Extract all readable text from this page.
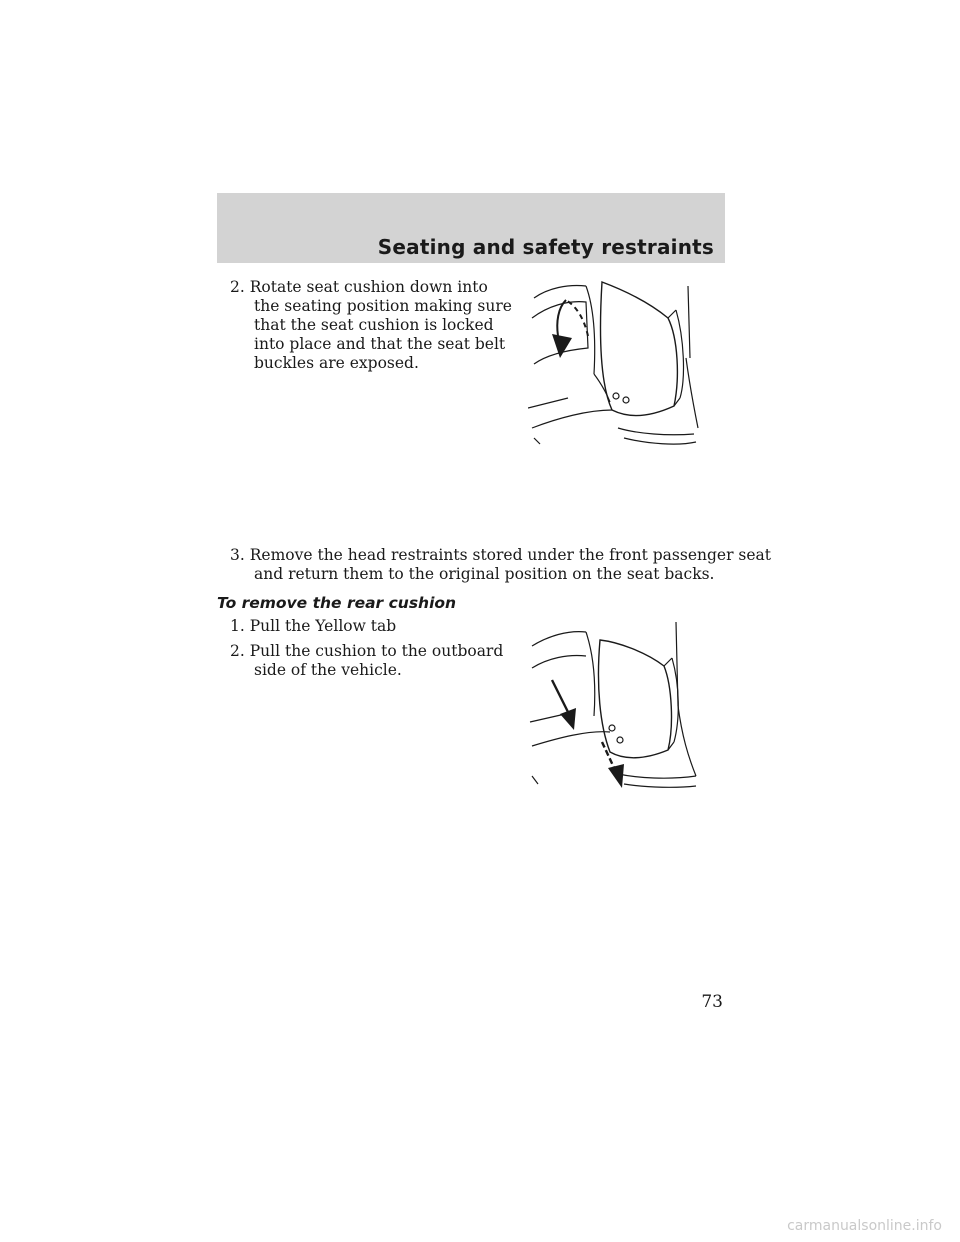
Seating and safety restraints
2. Rotate seat cushion down into
the seating position making sure
that the seat cushion is locked
into place and that the seat belt
buckles are exposed.
3. Remove the head restraints stored under the front passenger seat
and return them to the original position on the seat backs.
To remove the rear cushion
1. Pull the Yellow tab
2. Pull the cushion to the outboard
side of the vehicle.
73
carmanualsonline.info
